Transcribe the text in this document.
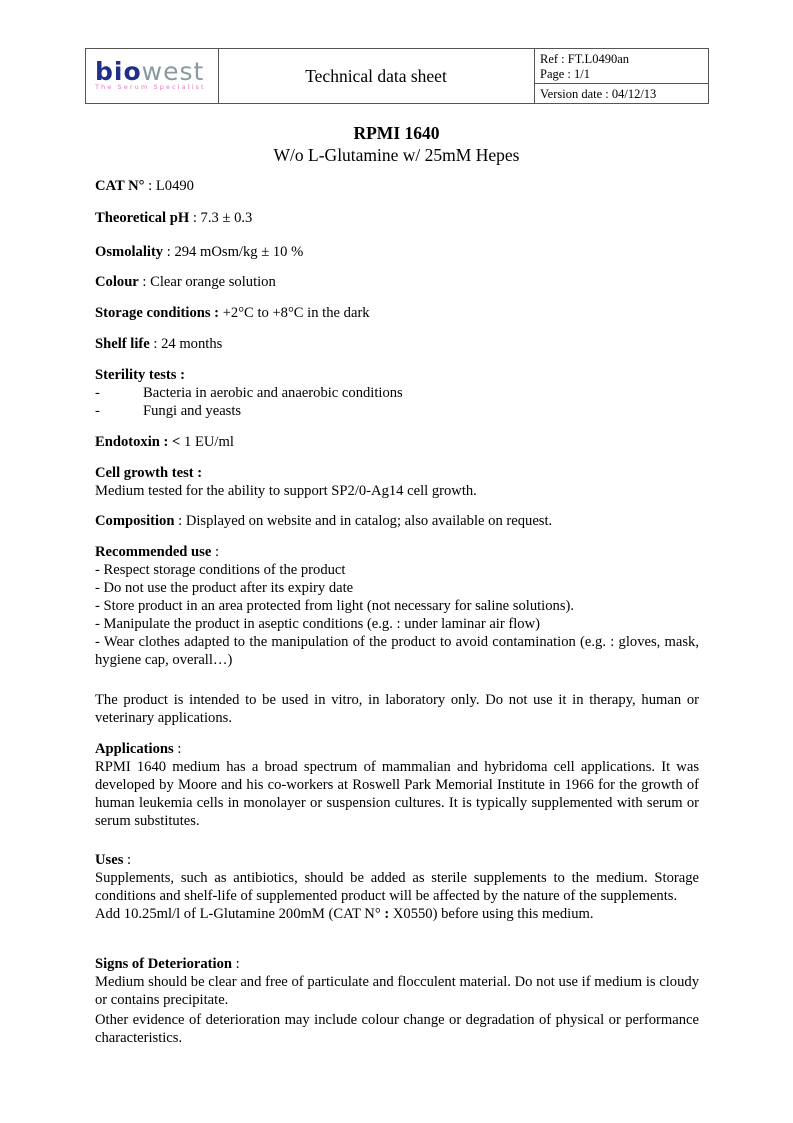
biowest
The Serum Specialist
Technical data sheet
Ref : FT.L0490an
Page : 1/1
Version date : 04/12/13
RPMI 1640
W/o L-Glutamine w/ 25mM Hepes
CAT N° : L0490
Theoretical pH : 7.3 ± 0.3
Osmolality : 294 mOsm/kg ± 10 %
Colour : Clear orange solution
Storage conditions : +2°C to +8°C in the dark
Shelf life : 24 months

Sterility tests :

-	Bacteria in aerobic and anaerobic conditions

-	Fungi and yeasts

Endotoxin : < 1 EU/ml

Cell growth test :

Medium tested for the ability to support SP2/0-Ag14 cell growth.

Composition : Displayed on website and in catalog; also available on request.

Recommended use :

- Respect storage conditions of the product

- Do not use the product after its expiry date

- Store product in an area protected from light (not necessary for saline solutions).

- Manipulate the product in aseptic conditions (e.g. : under laminar air flow)

- Wear clothes adapted to the manipulation of the product to avoid contamination (e.g. : gloves, mask, hygiene cap, overall…)

The product is intended to be used in vitro, in laboratory only. Do not use it in therapy, human or veterinary applications.

Applications :

RPMI 1640 medium has a broad spectrum of mammalian and hybridoma cell applications. It was developed by Moore and his co-workers at Roswell Park Memorial Institute in 1966 for the growth of human leukemia cells in monolayer or suspension cultures. It is typically supplemented with serum or serum substitutes.

Uses :

Supplements, such as antibiotics, should be added as sterile supplements to the medium. Storage conditions and shelf-life of supplemented product will be affected by the nature of the supplements.

Add 10.25ml/l of L-Glutamine 200mM (CAT N° : X0550) before using this medium.

Signs of Deterioration :

Medium should be clear and free of particulate and flocculent material. Do not use if medium is cloudy or contains precipitate.

Other evidence of deterioration may include colour change or degradation of physical or performance characteristics.
